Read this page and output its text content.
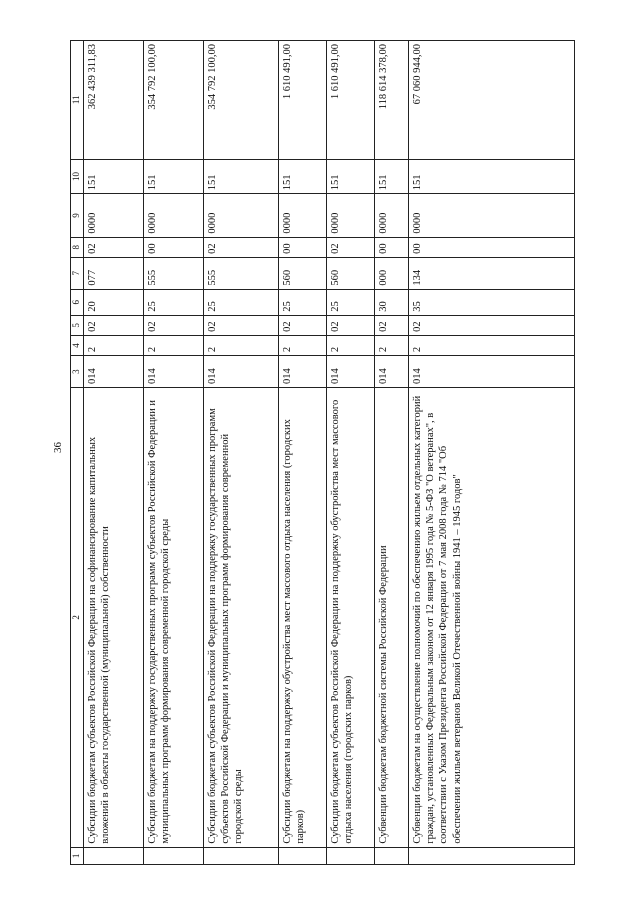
36
1	2	3	4	5	6	7	8	9	10	11
	Субсидии бюджетам субъектов Российской Федерации на софинансирование капитальных вложений в объекты государственной (муниципальной) собственности	014	2	02	20	077	02	0000	151	362 439 311,83
	Субсидии бюджетам на поддержку государственных программ субъектов Российской Федерации и муниципальных программ формирования современной городской среды	014	2	02	25	555	00	0000	151	354 792 100,00
	Субсидии бюджетам субъектов Российской Федерации на поддержку государственных программ субъектов Российской Федерации и муниципальных программ формирования современной городской среды	014	2	02	25	555	02	0000	151	354 792 100,00
	Субсидии бюджетам на поддержку обустройства мест массового отдыха населения (городских парков)	014	2	02	25	560	00	0000	151	1 610 491,00
	Субсидии бюджетам субъектов Российской Федерации на поддержку обустройства мест массового отдыха населения (городских парков)	014	2	02	25	560	02	0000	151	1 610 491,00
	Субвенции бюджетам бюджетной системы Российской Федерации	014	2	02	30	000	00	0000	151	118 614 378,00
	Субвенции бюджетам на осуществление полномочий по обеспечению жильем отдельных категорий граждан, установленных Федеральным законом от 12 января 1995 года № 5-ФЗ "О ветеранах", в соответствии с Указом Президента Российской Федерации от 7 мая 2008 года № 714 "Об обеспечении жильем ветеранов Великой Отечественной войны 1941 – 1945 годов"	014	2	02	35	134	00	0000	151	67 060 944,00
